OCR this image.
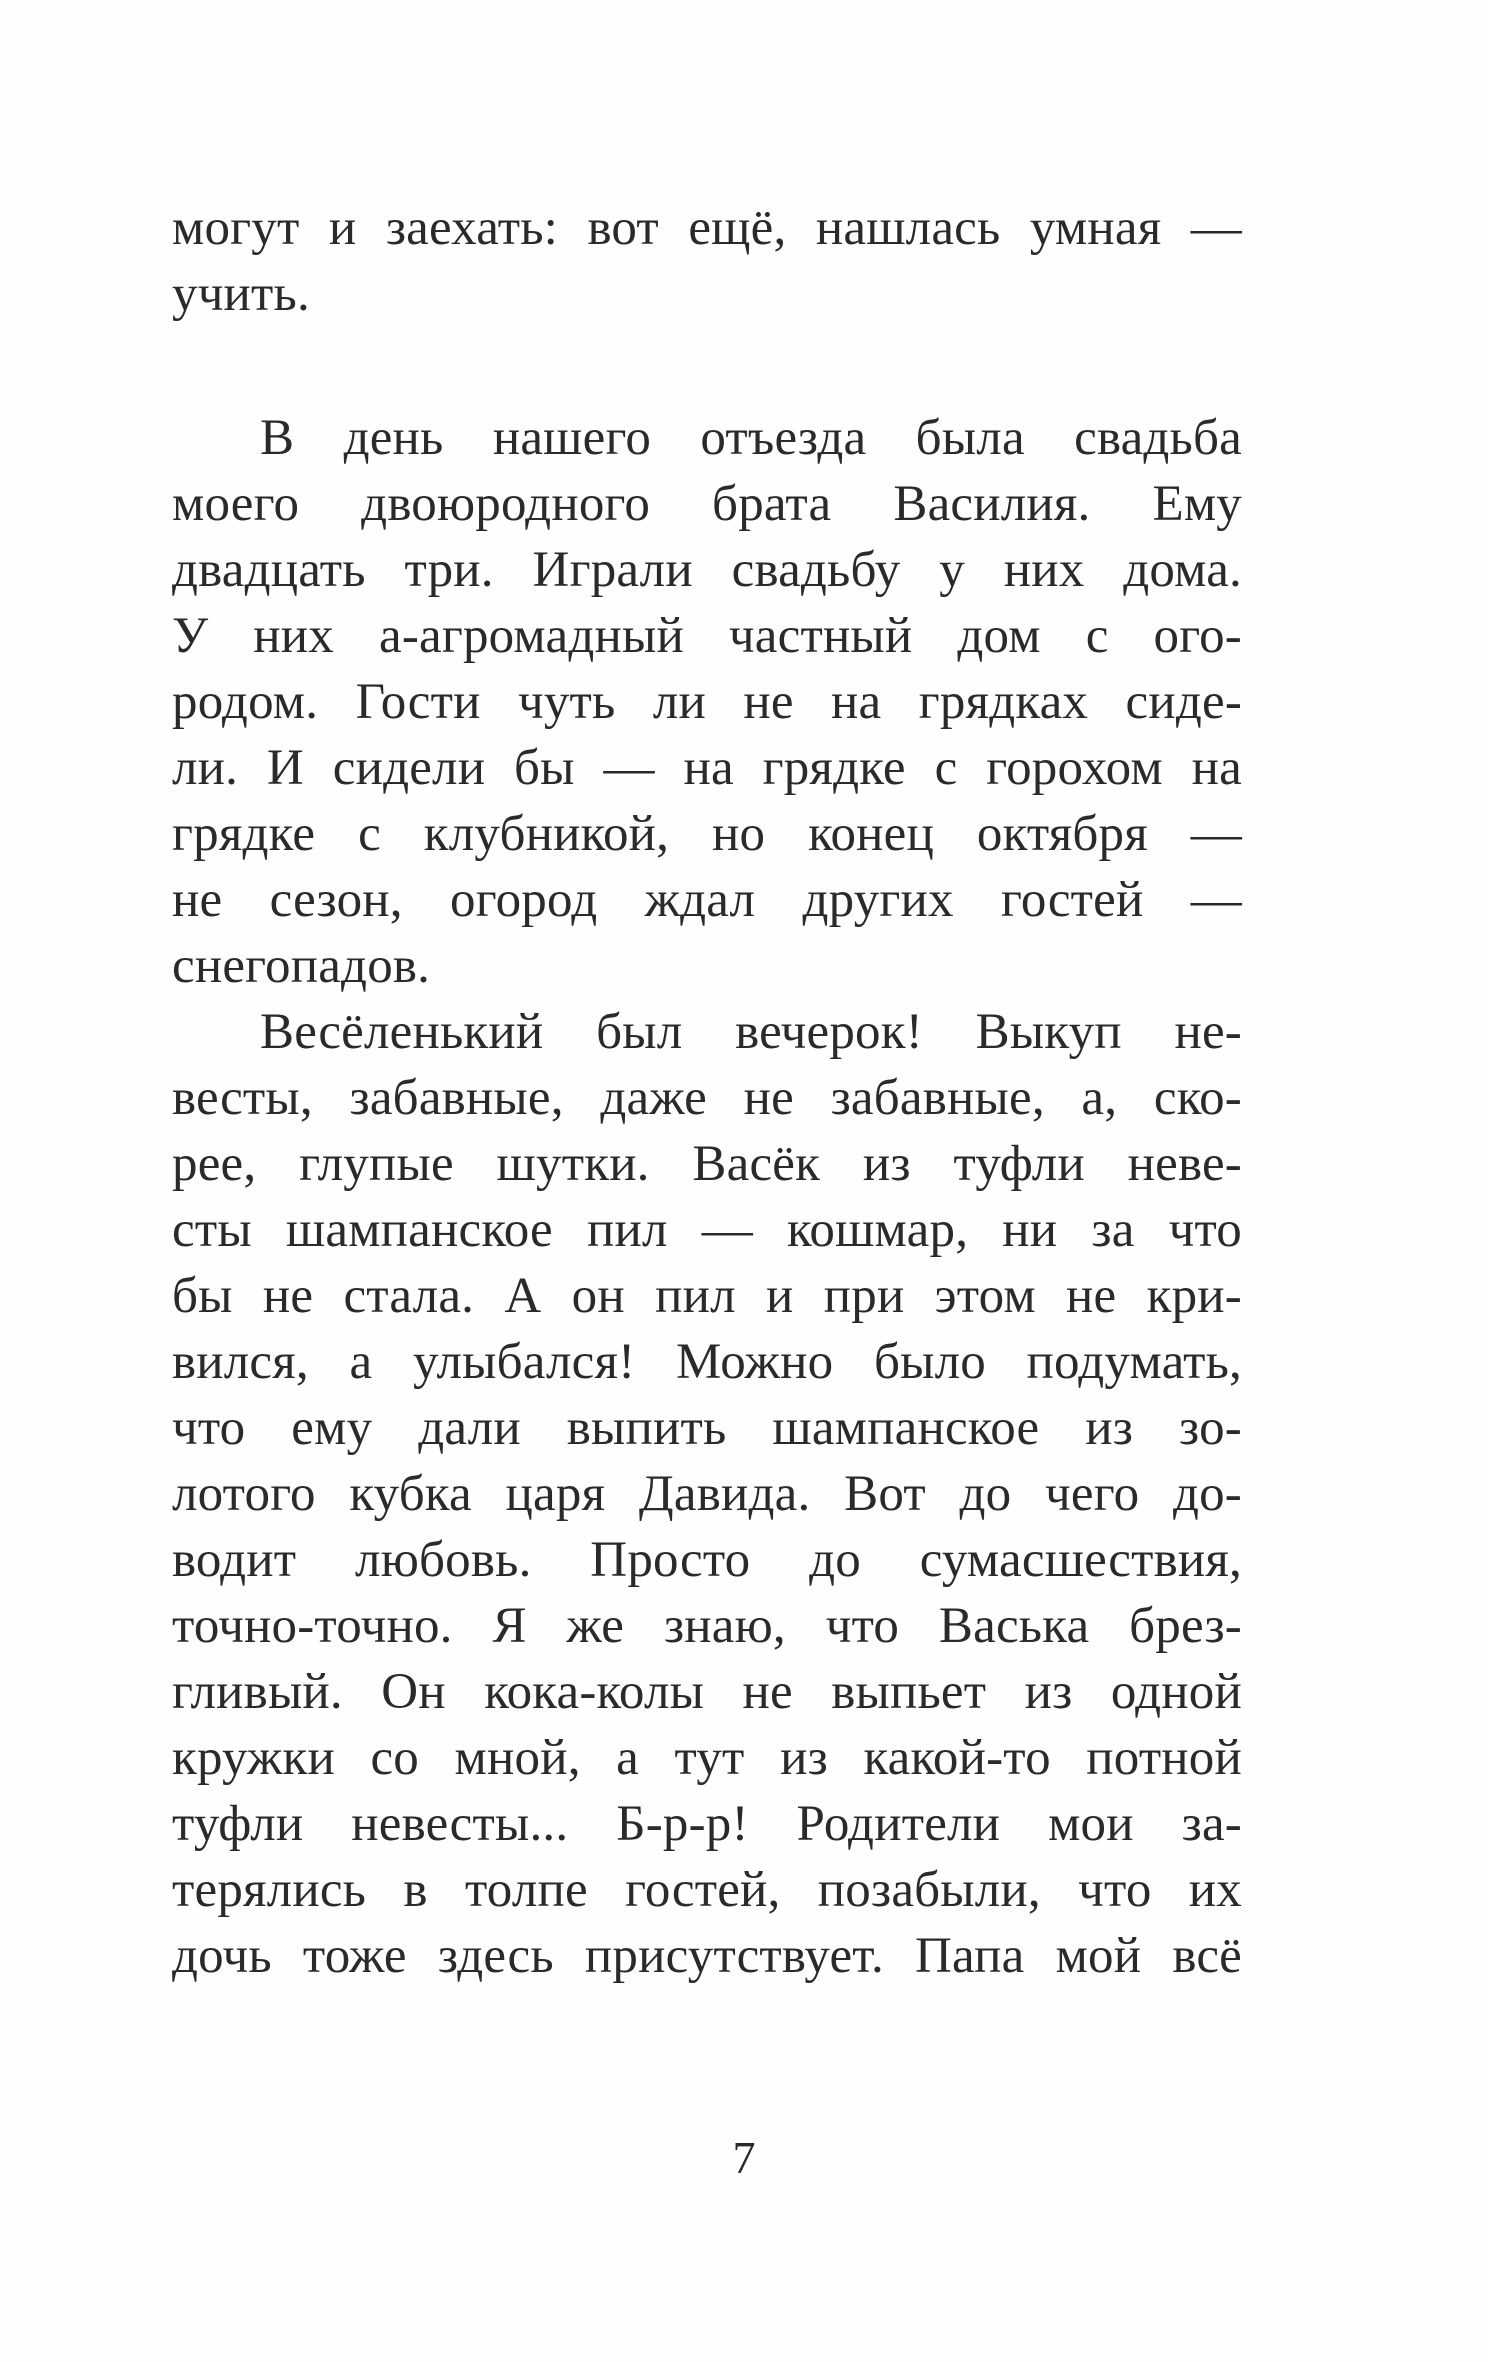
могут и заехать: вот ещё, нашлась умная —
учить.
В день нашего отъезда была свадьба
моего двоюродного брата Василия. Ему
двадцать три. Играли свадьбу у них дома.
У них а-агромадный частный дом с ого-
родом. Гости чуть ли не на грядках сиде-
ли. И сидели бы — на грядке с горохом на
грядке с клубникой, но конец октября —
не сезон, огород ждал других гостей —
снегопадов.
Весёленький был вечерок! Выкуп не-
весты, забавные, даже не забавные, а, ско-
рее, глупые шутки. Васёк из туфли неве-
сты шампанское пил — кошмар, ни за что
бы не стала. А он пил и при этом не кри-
вился, а улыбался! Можно было подумать,
что ему дали выпить шампанское из зо-
лотого кубка царя Давида. Вот до чего до-
водит любовь. Просто до сумасшествия,
точно-точно. Я же знаю, что Васька брез-
гливый. Он кока-колы не выпьет из одной
кружки со мной, а тут из какой-то потной
туфли невесты... Б-р-р! Родители мои за-
терялись в толпе гостей, позабыли, что их
дочь тоже здесь присутствует. Папа мой всё
7
